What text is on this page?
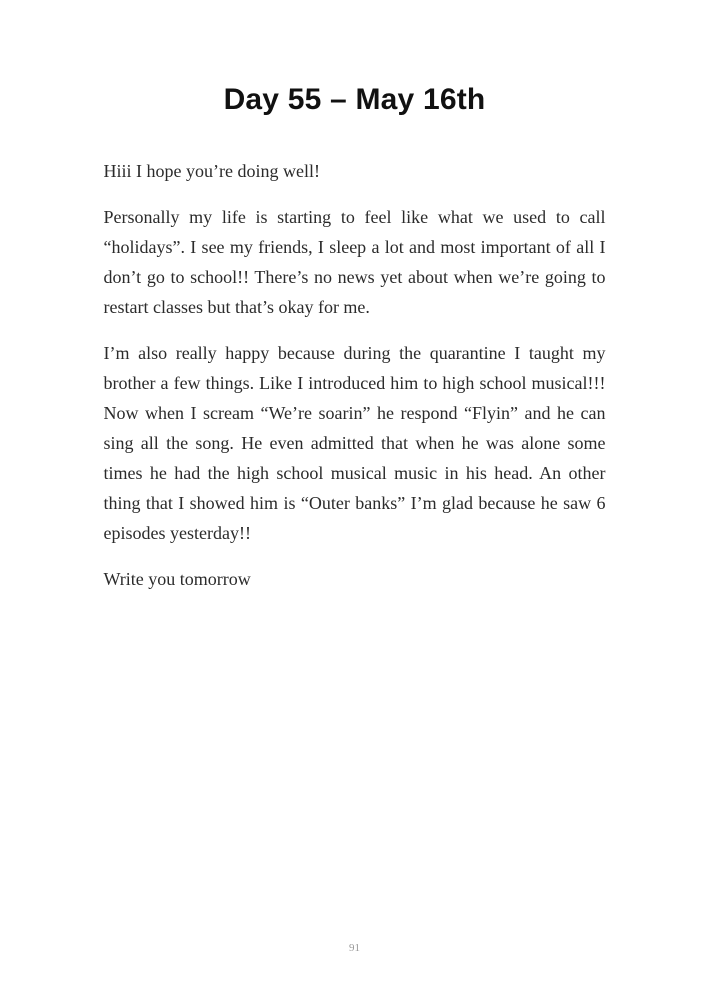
Day 55 – May 16th

Hiii I hope you’re doing well!

Personally my life is starting to feel like what we used to call “holidays”. I see my friends, I sleep a lot and most important of all I don’t go to school!! There’s no news yet about when we’re going to restart classes but that’s okay for me.

I’m also really happy because during the quarantine I taught my brother a few things. Like I introduced him to high school musical!!! Now when I scream “We’re soarin” he respond “Flyin” and he can sing all the song. He even admitted that when he was alone some times he had the high school musical music in his head. An other thing that I showed him is “Outer banks” I’m glad because he saw 6 episodes yesterday!!

Write you tomorrow

91
